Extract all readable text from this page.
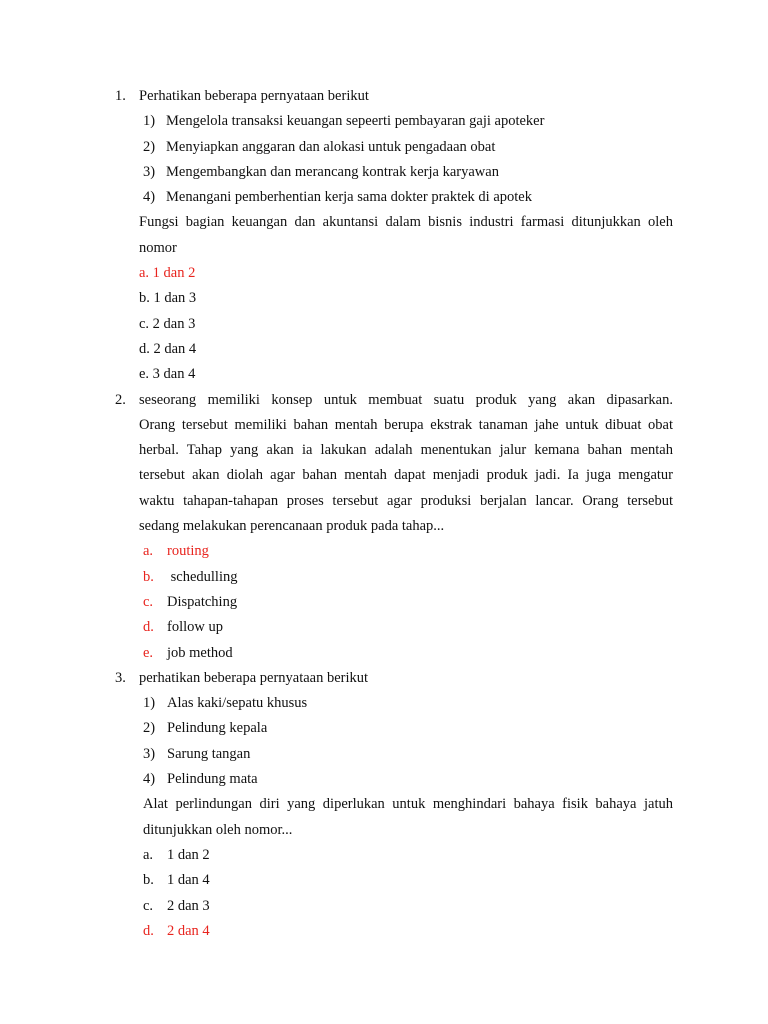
1. Perhatikan beberapa pernyataan berikut
1) Mengelola transaksi keuangan sepeerti pembayaran gaji apoteker
2) Menyiapkan anggaran dan alokasi untuk pengadaan obat
3) Mengembangkan dan merancang kontrak kerja karyawan
4) Menangani pemberhentian kerja sama dokter praktek di apotek
Fungsi bagian keuangan dan akuntansi dalam bisnis industri farmasi ditunjukkan oleh
nomor
a. 1 dan 2
b. 1 dan 3
c. 2 dan 3
d. 2 dan 4
e. 3 dan 4
2. seseorang memiliki konsep untuk membuat suatu produk yang akan dipasarkan.
Orang tersebut memiliki bahan mentah berupa ekstrak tanaman jahe untuk dibuat obat
herbal. Tahap yang akan ia lakukan adalah menentukan jalur kemana bahan mentah
tersebut akan diolah agar bahan mentah dapat menjadi produk jadi. Ia juga mengatur
waktu tahapan-tahapan proses tersebut agar produksi berjalan lancar. Orang tersebut
sedang melakukan perencanaan produk pada tahap...
a. routing
b. schedulling
c. Dispatching
d. follow up
e. job method
3. perhatikan beberapa pernyataan berikut
1) Alas kaki/sepatu khusus
2) Pelindung kepala
3) Sarung tangan
4) Pelindung mata
Alat perlindungan diri yang diperlukan untuk menghindari bahaya fisik bahaya jatuh
ditunjukkan oleh nomor...
a. 1 dan 2
b. 1 dan 4
c. 2 dan 3
d. 2 dan 4
